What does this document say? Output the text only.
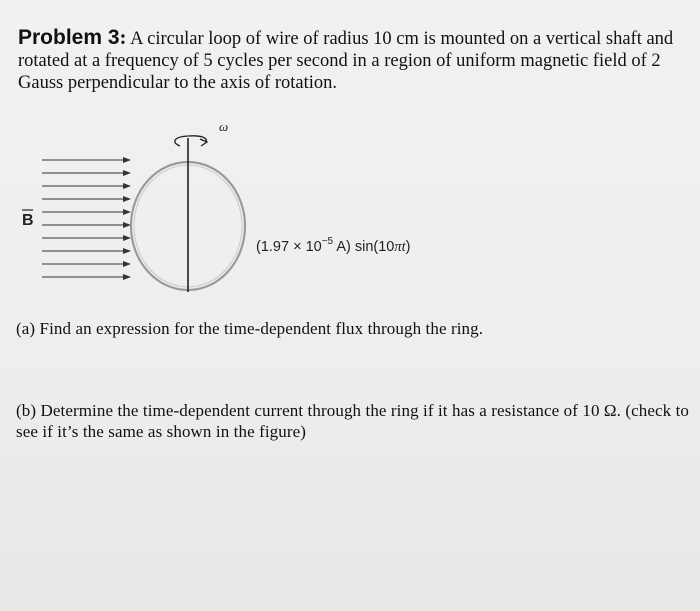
Problem 3: A circular loop of wire of radius 10 cm is mounted on a vertical shaft and rotated at a frequency of 5 cycles per second in a region of uniform magnetic field of 2 Gauss perpendicular to the axis of rotation.
ω
B
($1.97 \times 10^{-5}$ A) sin(10πt)
(a) Find an expression for the time-dependent flux through the ring.
(b) Determine the time-dependent current through the ring if it has a resistance of 10 Ω. (check to see if it’s the same as shown in the figure)
